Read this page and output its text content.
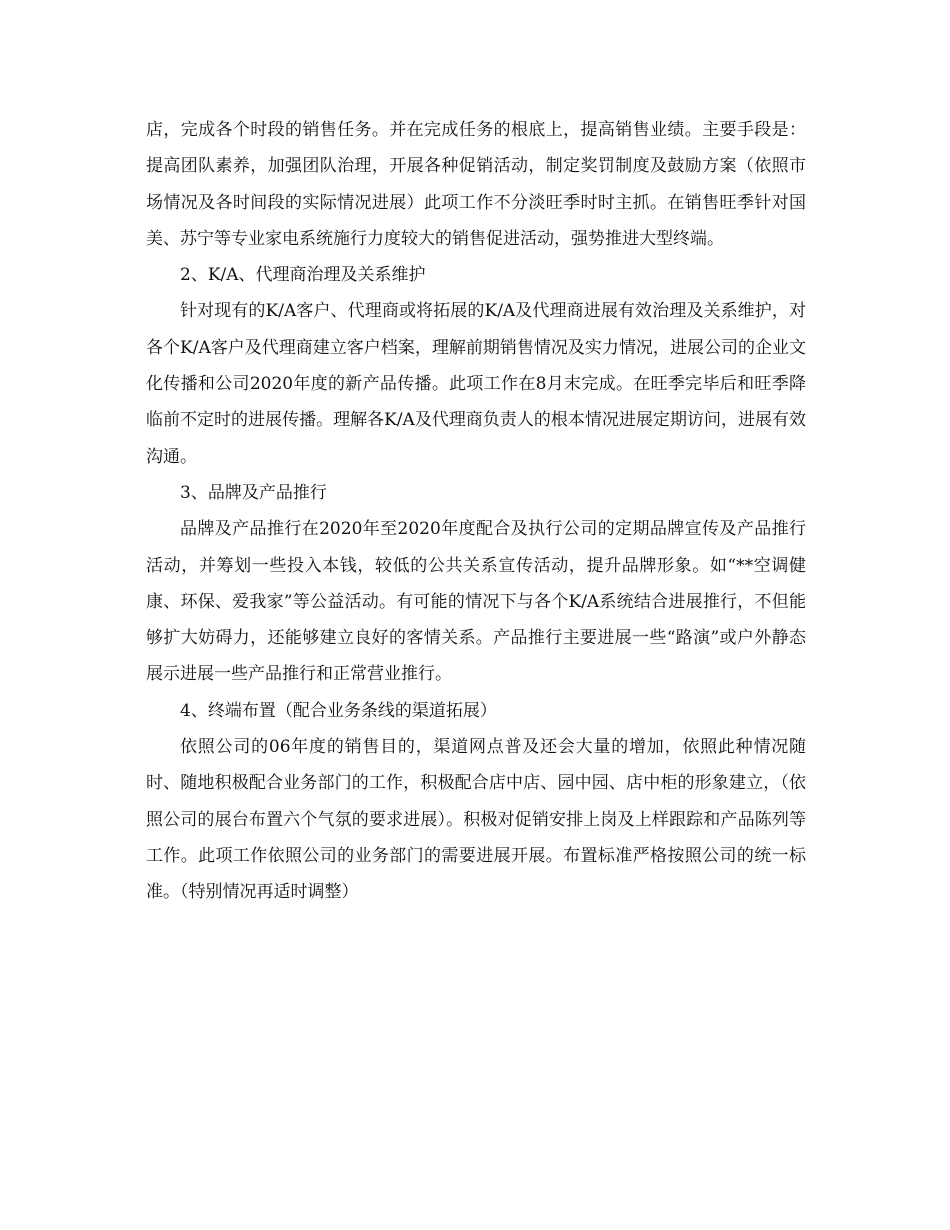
店，完成各个时段的销售任务。并在完成任务的根底上，提高销售业绩。主要手段是：提高团队素养，加强团队治理，开展各种促销活动，制定奖罚制度及鼓励方案（依照市场情况及各时间段的实际情况进展）此项工作不分淡旺季时时主抓。在销售旺季针对国美、苏宁等专业家电系统施行力度较大的销售促进活动，强势推进大型终端。

2、K/A、代理商治理及关系维护

针对现有的K/A客户、代理商或将拓展的K/A及代理商进展有效治理及关系维护，对各个K/A客户及代理商建立客户档案，理解前期销售情况及实力情况，进展公司的企业文化传播和公司2020年度的新产品传播。此项工作在8月末完成。在旺季完毕后和旺季降临前不定时的进展传播。理解各K/A及代理商负责人的根本情况进展定期访问，进展有效沟通。

3、品牌及产品推行

品牌及产品推行在2020年至2020年度配合及执行公司的定期品牌宣传及产品推行活动，并筹划一些投入本钱，较低的公共关系宣传活动，提升品牌形象。如“**空调健康、环保、爱我家”等公益活动。有可能的情况下与各个K/A系统结合进展推行，不但能够扩大妨碍力，还能够建立良好的客情关系。产品推行主要进展一些“路演”或户外静态展示进展一些产品推行和正常营业推行。

4、终端布置（配合业务条线的渠道拓展）

依照公司的06年度的销售目的，渠道网点普及还会大量的增加，依照此种情况随时、随地积极配合业务部门的工作，积极配合店中店、园中园、店中柜的形象建立，（依照公司的展台布置六个气氛的要求进展）。积极对促销安排上岗及上样跟踪和产品陈列等工作。此项工作依照公司的业务部门的需要进展开展。布置标准严格按照公司的统一标准。（特别情况再适时调整）
